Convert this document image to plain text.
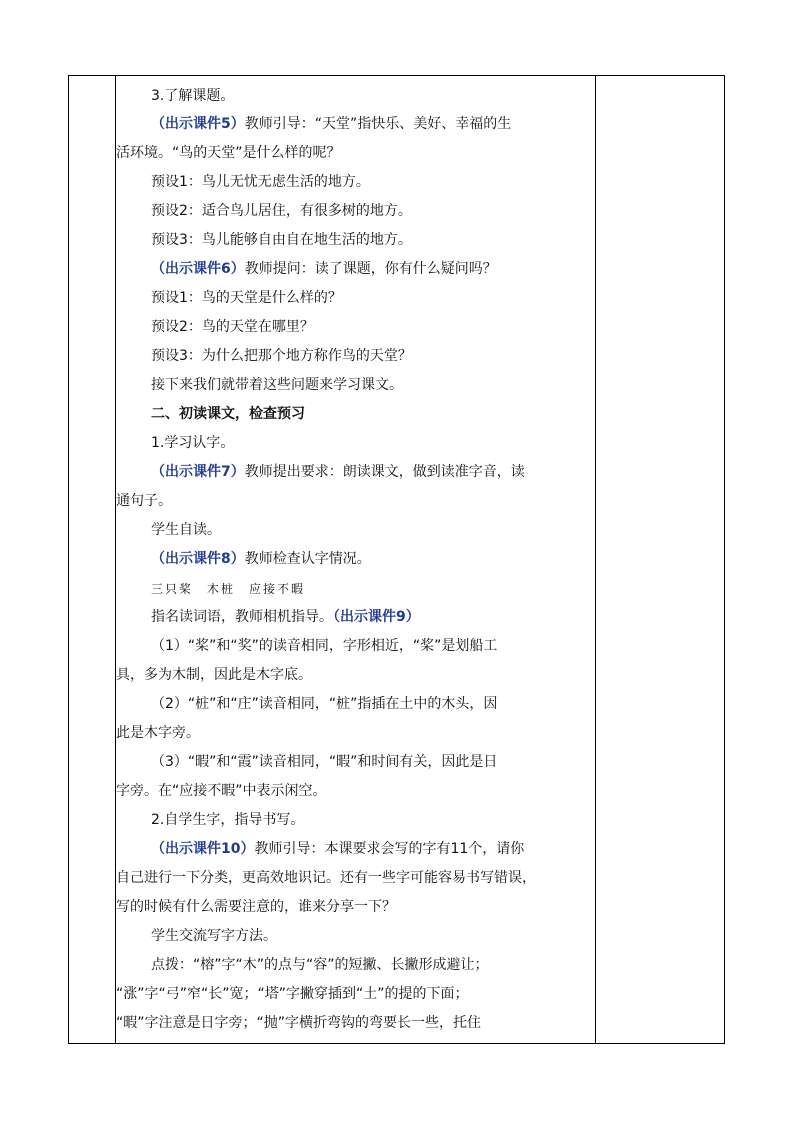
3.了解课题。
（出示课件5）教师引导：“天堂”指快乐、美好、幸福的生
活环境。“鸟的天堂”是什么样的呢？
预设1：鸟儿无忧无虑生活的地方。
预设2：适合鸟儿居住，有很多树的地方。
预设3：鸟儿能够自由自在地生活的地方。
（出示课件6）教师提问：读了课题，你有什么疑问吗？
预设1：鸟的天堂是什么样的？
预设2：鸟的天堂在哪里？
预设3：为什么把那个地方称作鸟的天堂？
接下来我们就带着这些问题来学习课文。
二、初读课文，检查预习
1.学习认字。
（出示课件7）教师提出要求：朗读课文，做到读准字音，读
通句子。
学生自读。
（出示课件8）教师检查认字情况。
三只桨　木桩　应接不暇
指名读词语，教师相机指导。（出示课件9）
（1）“桨”和“奖”的读音相同，字形相近，“桨”是划船工
具，多为木制，因此是木字底。
（2）“桩”和“庄”读音相同，“桩”指插在土中的木头，因
此是木字旁。
（3）“暇”和“霞”读音相同，“暇”和时间有关，因此是日
字旁。在“应接不暇”中表示闲空。
2.自学生字，指导书写。
（出示课件10）教师引导：本课要求会写的字有11个，请你
自己进行一下分类，更高效地识记。还有一些字可能容易书写错误，
写的时候有什么需要注意的，谁来分享一下？
学生交流写字方法。
点拨：“榕”字“木”的点与“容”的短撇、长撇形成避让；
“涨”字“弓”窄“长”宽；“塔”字撇穿插到“土”的提的下面；
“暇”字注意是日字旁；“抛”字横折弯钩的弯要长一些，托住
